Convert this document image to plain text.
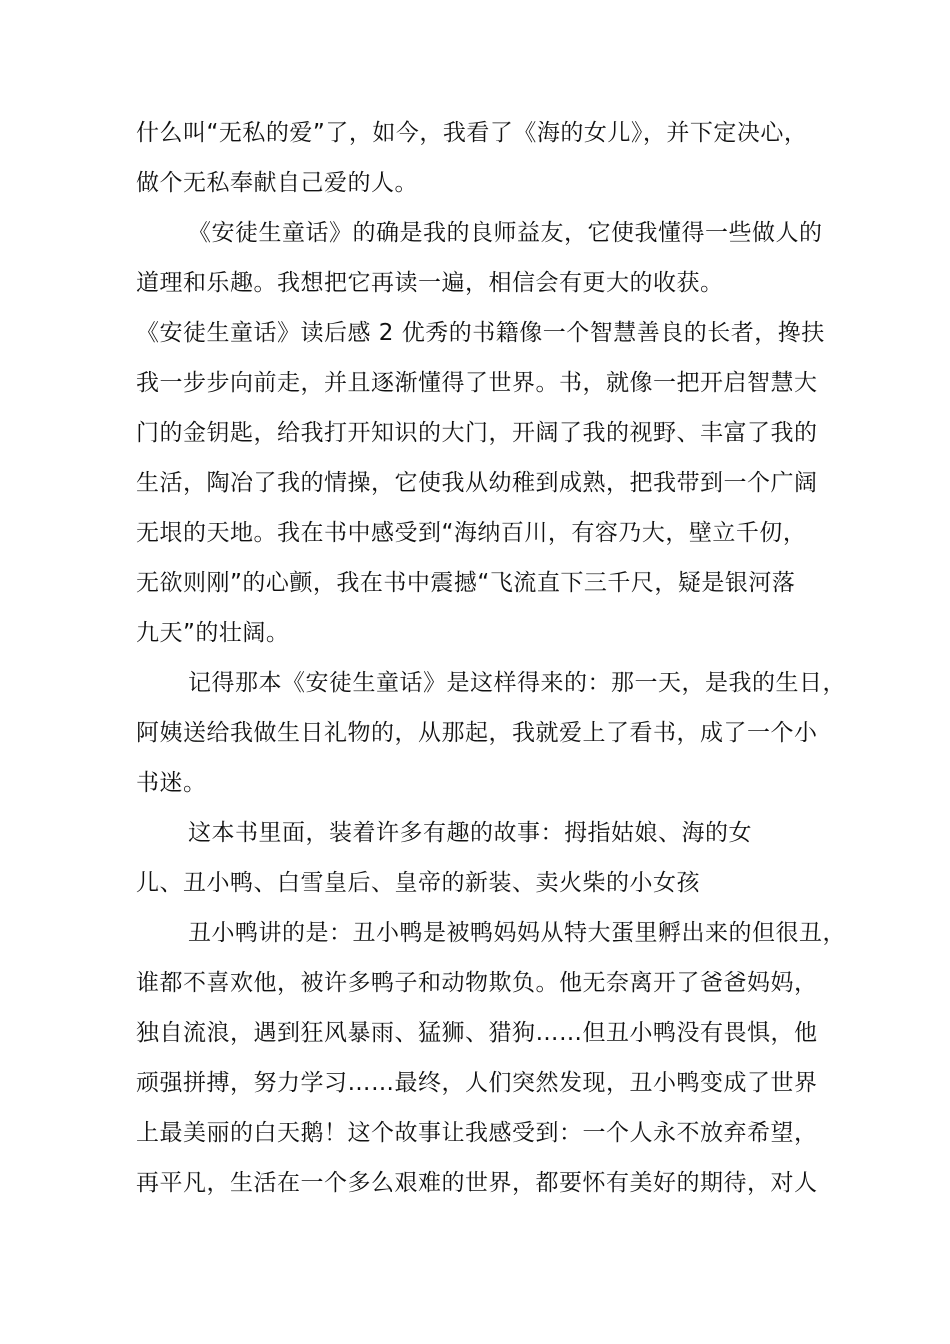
什么叫“无私的爱”了，如今，我看了《海的女儿》，并下定决心，
做个无私奉献自己爱的人。
《安徒生童话》的确是我的良师益友，它使我懂得一些做人的
道理和乐趣。我想把它再读一遍，相信会有更大的收获。
《安徒生童话》读后感 2 优秀的书籍像一个智慧善良的长者，搀扶
我一步步向前走，并且逐渐懂得了世界。书，就像一把开启智慧大
门的金钥匙，给我打开知识的大门，开阔了我的视野、丰富了我的
生活，陶冶了我的情操，它使我从幼稚到成熟，把我带到一个广阔
无垠的天地。我在书中感受到“海纳百川，有容乃大，壁立千仞，
无欲则刚”的心颤，我在书中震撼“飞流直下三千尺，疑是银河落
九天”的壮阔。
记得那本《安徒生童话》是这样得来的：那一天，是我的生日，
阿姨送给我做生日礼物的，从那起，我就爱上了看书，成了一个小
书迷。
这本书里面，装着许多有趣的故事：拇指姑娘、海的女
儿、丑小鸭、白雪皇后、皇帝的新装、卖火柴的小女孩
丑小鸭讲的是：丑小鸭是被鸭妈妈从特大蛋里孵出来的但很丑，
谁都不喜欢他，被许多鸭子和动物欺负。他无奈离开了爸爸妈妈，
独自流浪，遇到狂风暴雨、猛狮、猎狗……但丑小鸭没有畏惧，他
顽强拼搏，努力学习……最终，人们突然发现，丑小鸭变成了世界
上最美丽的白天鹅！这个故事让我感受到：一个人永不放弃希望，
再平凡，生活在一个多么艰难的世界，都要怀有美好的期待，对人
